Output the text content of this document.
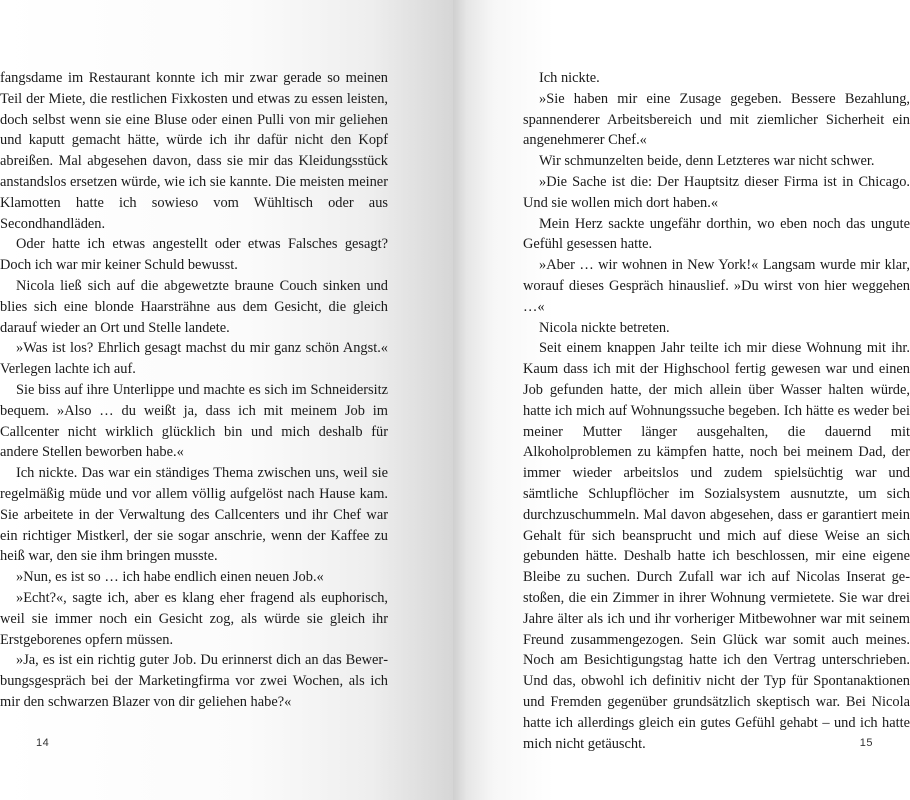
fangsdame im Restaurant konnte ich mir zwar gerade so meinen Teil der Miete, die restlichen Fixkosten und etwas zu essen leisten, doch selbst wenn sie eine Bluse oder einen Pulli von mir geliehen und kaputt gemacht hätte, würde ich ihr dafür nicht den Kopf abreißen. Mal abgesehen davon, dass sie mir das Kleidungsstück anstandslos ersetzen würde, wie ich sie kannte. Die meisten meiner Klamotten hatte ich sowieso vom Wühltisch oder aus Secondhandläden.

Oder hatte ich etwas angestellt oder etwas Falsches gesagt? Doch ich war mir keiner Schuld bewusst.

Nicola ließ sich auf die abgewetzte braune Couch sinken und blies sich eine blonde Haarsträhne aus dem Gesicht, die gleich darauf wieder an Ort und Stelle landete.

»Was ist los? Ehrlich gesagt machst du mir ganz schön Angst.« Verlegen lachte ich auf.

Sie biss auf ihre Unterlippe und machte es sich im Schneidersitz bequem. »Also … du weißt ja, dass ich mit meinem Job im Callcenter nicht wirklich glücklich bin und mich deshalb für andere Stellen beworben habe.«

Ich nickte. Das war ein ständiges Thema zwischen uns, weil sie regelmäßig müde und vor allem völlig aufgelöst nach Hause kam. Sie arbeitete in der Verwaltung des Callcenters und ihr Chef war ein richtiger Mistkerl, der sie sogar anschrie, wenn der Kaffee zu heiß war, den sie ihm bringen musste.

»Nun, es ist so … ich habe endlich einen neuen Job.«

»Echt?«, sagte ich, aber es klang eher fragend als euphorisch, weil sie immer noch ein Gesicht zog, als würde sie gleich ihr Erstgeborenes opfern müssen.

»Ja, es ist ein richtig guter Job. Du erinnerst dich an das Bewerbungsgespräch bei der Marketingfirma vor zwei Wochen, als ich mir den schwarzen Blazer von dir geliehen habe?«

14

Ich nickte.

»Sie haben mir eine Zusage gegeben. Bessere Bezahlung, spannenderer Arbeitsbereich und mit ziemlicher Sicherheit ein angenehmerer Chef.«

Wir schmunzelten beide, denn Letzteres war nicht schwer.

»Die Sache ist die: Der Hauptsitz dieser Firma ist in Chicago. Und sie wollen mich dort haben.«

Mein Herz sackte ungefähr dorthin, wo eben noch das ungute Gefühl gesessen hatte.

»Aber … wir wohnen in New York!« Langsam wurde mir klar, worauf dieses Gespräch hinauslief. »Du wirst von hier weggehen …«

Nicola nickte betreten.

Seit einem knappen Jahr teilte ich mir diese Wohnung mit ihr. Kaum dass ich mit der Highschool fertig gewesen war und einen Job gefunden hatte, der mich allein über Wasser halten würde, hatte ich mich auf Wohnungssuche begeben. Ich hätte es weder bei meiner Mutter länger ausgehalten, die dauernd mit Alkoholproblemen zu kämpfen hatte, noch bei meinem Dad, der immer wieder arbeitslos und zudem spielsüchtig war und sämtliche Schlupflöcher im Sozialsystem ausnutzte, um sich durchzuschummeln. Mal davon abgesehen, dass er garantiert mein Gehalt für sich beansprucht und mich auf diese Weise an sich gebunden hätte. Deshalb hatte ich beschlossen, mir eine eigene Bleibe zu suchen. Durch Zufall war ich auf Nicolas Inserat gestoßen, die ein Zimmer in ihrer Wohnung vermietete. Sie war drei Jahre älter als ich und ihr vorheriger Mitbewohner war mit seinem Freund zusammengezogen. Sein Glück war somit auch meines. Noch am Besichtigungstag hatte ich den Vertrag unterschrieben. Und das, obwohl ich definitiv nicht der Typ für Spontanaktionen und Fremden gegenüber grundsätzlich skeptisch war. Bei Nicola hatte ich allerdings gleich ein gutes Gefühl gehabt – und ich hatte mich nicht getäuscht.	15
